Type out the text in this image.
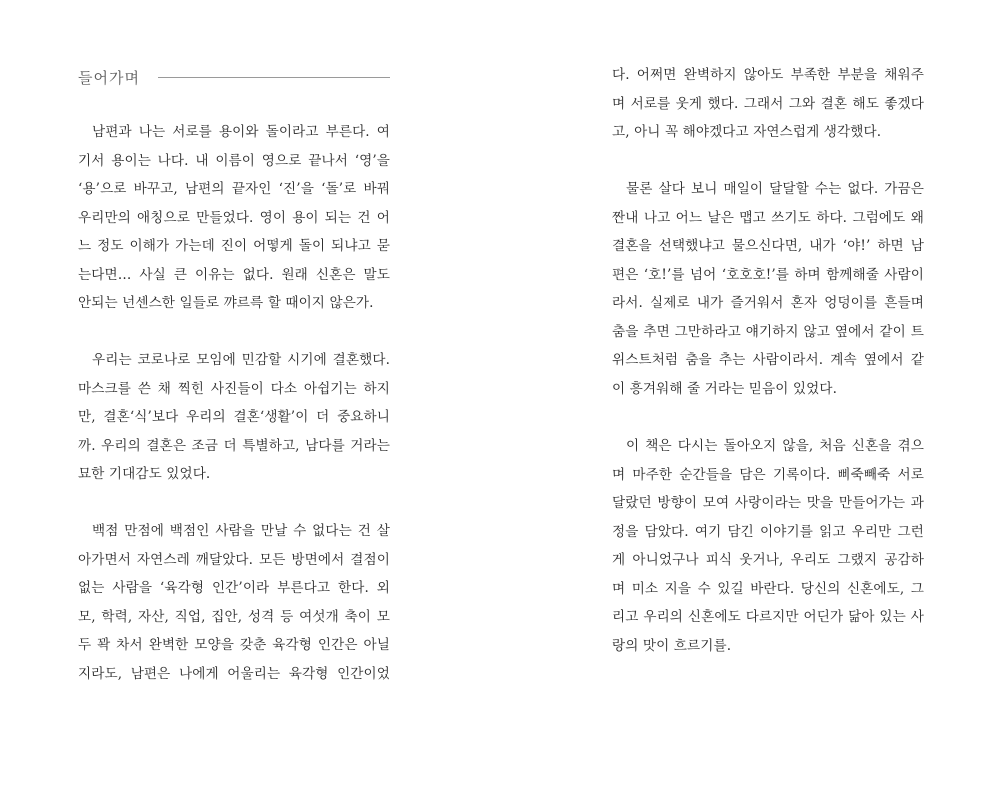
들어가며
남편과 나는 서로를 용이와 돌이라고 부른다. 여
기서 용이는 나다. 내 이름이 영으로 끝나서 ‘영’을
‘용’으로 바꾸고, 남편의 끝자인 ‘진’을 ‘돌’로 바꿔
우리만의 애칭으로 만들었다. 영이 용이 되는 건 어
느 정도 이해가 가는데 진이 어떻게 돌이 되냐고 묻
는다면… 사실 큰 이유는 없다. 원래 신혼은 말도
안되는 넌센스한 일들로 꺄르륵 할 때이지 않은가.
우리는 코로나로 모임에 민감할 시기에 결혼했다.
마스크를 쓴 채 찍힌 사진들이 다소 아쉽기는 하지
만, 결혼‘식’보다 우리의 결혼‘생활’이 더 중요하니
까. 우리의 결혼은 조금 더 특별하고, 남다를 거라는
묘한 기대감도 있었다.
백점 만점에 백점인 사람을 만날 수 없다는 건 살
아가면서 자연스레 깨달았다. 모든 방면에서 결점이
없는 사람을 ‘육각형 인간’이라 부른다고 한다. 외
모, 학력, 자산, 직업, 집안, 성격 등 여섯개 축이 모
두 꽉 차서 완벽한 모양을 갖춘 육각형 인간은 아닐
지라도, 남편은 나에게 어울리는 육각형 인간이었
다. 어쩌면 완벽하지 않아도 부족한 부분을 채워주
며 서로를 웃게 했다. 그래서 그와 결혼 해도 좋겠다
고, 아니 꼭 해야겠다고 자연스럽게 생각했다.
물론 살다 보니 매일이 달달할 수는 없다. 가끔은
짠내 나고 어느 날은 맵고 쓰기도 하다. 그럼에도 왜
결혼을 선택했냐고 물으신다면, 내가 ‘야!’ 하면 남
편은 ‘호!’를 넘어 ‘호호호!’를 하며 함께해줄 사람이
라서. 실제로 내가 즐거워서 혼자 엉덩이를 흔들며
춤을 추면 그만하라고 얘기하지 않고 옆에서 같이 트
위스트처럼 춤을 추는 사람이라서. 계속 옆에서 같
이 흥겨워해 줄 거라는 믿음이 있었다.
이 책은 다시는 돌아오지 않을, 처음 신혼을 겪으
며 마주한 순간들을 담은 기록이다. 삐죽빼죽 서로
달랐던 방향이 모여 사랑이라는 맛을 만들어가는 과
정을 담았다. 여기 담긴 이야기를 읽고 우리만 그런
게 아니었구나 피식 웃거나, 우리도 그랬지 공감하
며 미소 지을 수 있길 바란다. 당신의 신혼에도, 그
리고 우리의 신혼에도 다르지만 어딘가 닮아 있는 사
랑의 맛이 흐르기를.
